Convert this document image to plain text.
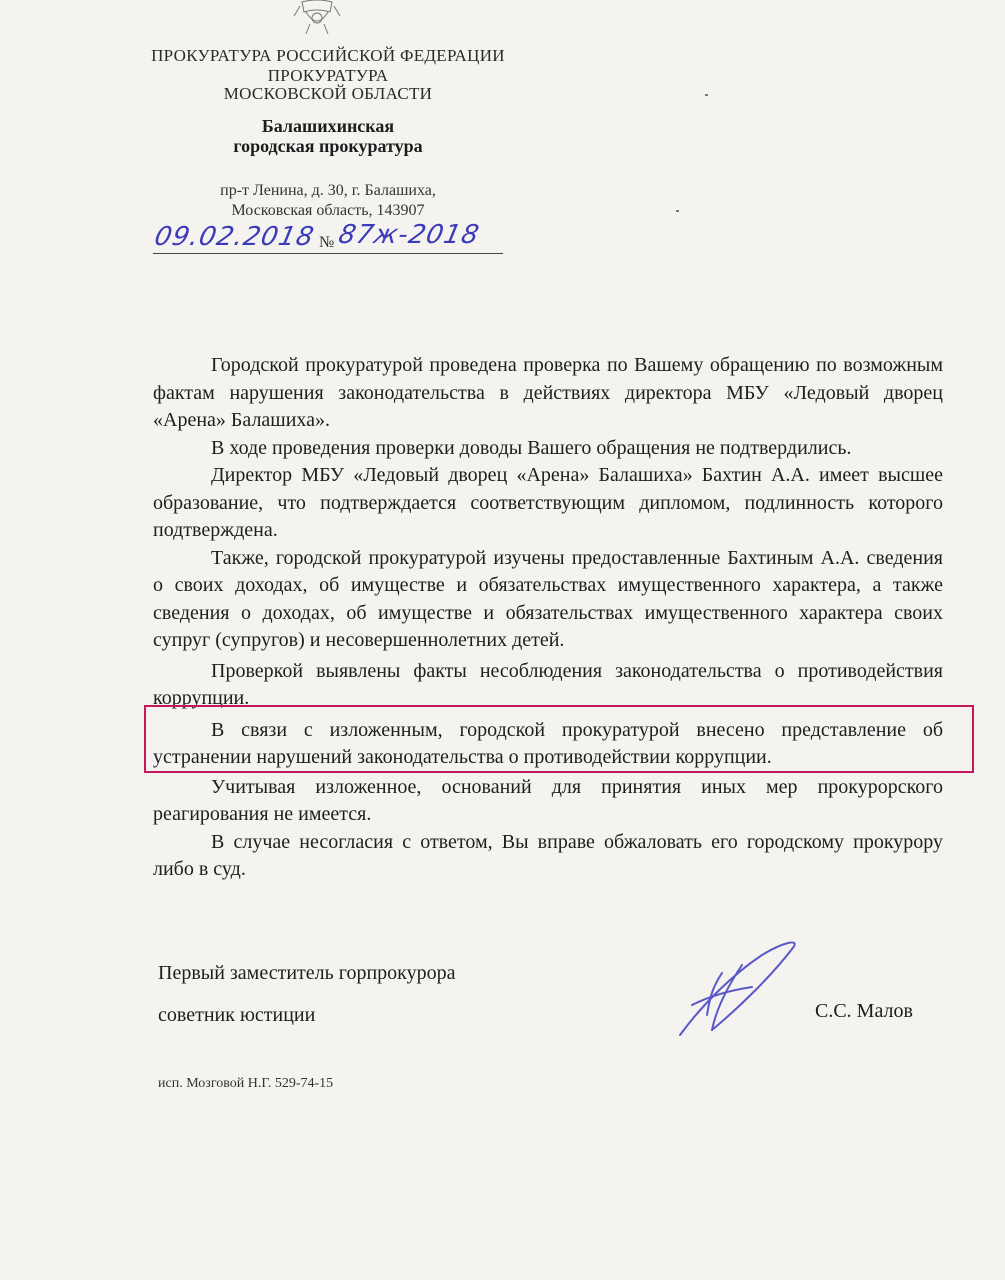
ПРОКУРАТУРА РОССИЙСКОЙ ФЕДЕРАЦИИ
ПРОКУРАТУРА
МОСКОВСКОЙ ОБЛАСТИ
Балашихинская
городская прокуратура
пр-т Ленина, д. 30, г. Балашиха,
Московская область, 143907
09.02.2018 № 87ж-2018

Городской прокуратурой проведена проверка по Вашему обращению по возможным фактам нарушения законодательства в действиях директора МБУ «Ледовый дворец «Арена» Балашиха».

В ходе проведения проверки доводы Вашего обращения не подтвердились.

Директор МБУ «Ледовый дворец «Арена» Балашиха» Бахтин А.А. имеет высшее образование, что подтверждается соответствующим дипломом, подлинность которого подтверждена.

Также, городской прокуратурой изучены предоставленные Бахтиным А.А. сведения о своих доходах, об имуществе и обязательствах имущественного характера, а также сведения о доходах, об имуществе и обязательствах имущественного характера своих супруг (супругов) и несовершеннолетних детей.

Проверкой выявлены факты несоблюдения законодательства о противодействия коррупции.

В связи с изложенным, городской прокуратурой внесено представление об устранении нарушений законодательства о противодействии коррупции.

Учитывая изложенное, оснований для принятия иных мер прокурорского реагирования не имеется.

В случае несогласия с ответом, Вы вправе обжаловать его городскому прокурору либо в суд.

Первый заместитель горпрокурора
советник юстиции	С.С. Малов
исп. Мозговой Н.Г. 529-74-15
